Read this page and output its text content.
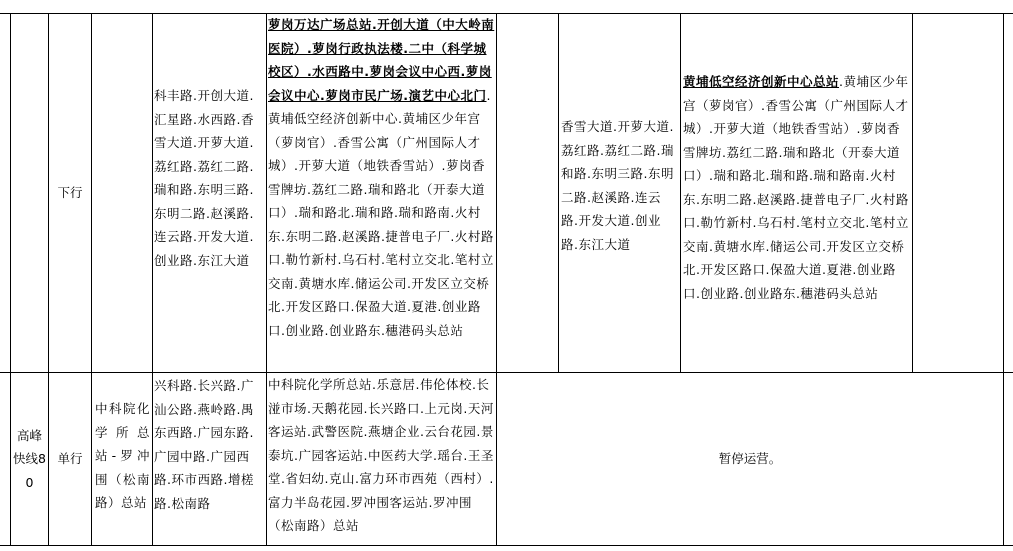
下行
科丰路.开创大道.汇星路.水西路.香雪大道.开萝大道.荔红路.荔红二路.瑞和路.东明三路.东明二路.赵溪路.连云路.开发大道.创业路.东江大道
萝岗万达广场总站.开创大道（中大岭南医院）.萝岗行政执法楼.二中（科学城校区）.水西路中.萝岗会议中心西.萝岗会议中心.萝岗市民广场.演艺中心北门.黄埔低空经济创新中心.黄埔区少年宫（萝岗官）.香雪公寓（广州国际人才城）.开萝大道（地铁香雪站）.萝岗香雪牌坊.荔红二路.瑞和路北（开泰大道口）.瑞和路北.瑞和路.瑞和路南.火村东.东明二路.赵溪路.捷普电子厂.火村路口.勒竹新村.乌石村.笔村立交北.笔村立交南.黄塘水库.储运公司.开发区立交桥北.开发区路口.保盈大道.夏港.创业路口.创业路.创业路东.穗港码头总站
香雪大道.开萝大道.荔红路.荔红二路.瑞和路.东明三路.东明二路.赵溪路.连云路.开发大道.创业路.东江大道
黄埔低空经济创新中心总站.黄埔区少年宫（萝岗官）.香雪公寓（广州国际人才城）.开萝大道（地铁香雪站）.萝岗香雪牌坊.荔红二路.瑞和路北（开泰大道口）.瑞和路北.瑞和路.瑞和路南.火村东.东明二路.赵溪路.捷普电子厂.火村路口.勒竹新村.乌石村.笔村立交北.笔村立交南.黄塘水库.储运公司.开发区立交桥北.开发区路口.保盈大道.夏港.创业路口.创业路.创业路东.穗港码头总站
高峰快线80
单行
中科院化学所总站-罗冲围（松南路）总站
兴科路.长兴路.广汕公路.燕岭路.禺东西路.广园东路.广园中路.广园西路.环市西路.增槎路.松南路
中科院化学所总站.乐意居.伟伦体校.长湴市场.天鹅花园.长兴路口.上元岗.天河客运站.武警医院.燕塘企业.云台花园.景泰坑.广园客运站.中医药大学.瑶台.王圣堂.省妇幼.克山.富力环市西苑（西村）.富力半岛花园.罗冲围客运站.罗冲围（松南路）总站
暂停运营。
